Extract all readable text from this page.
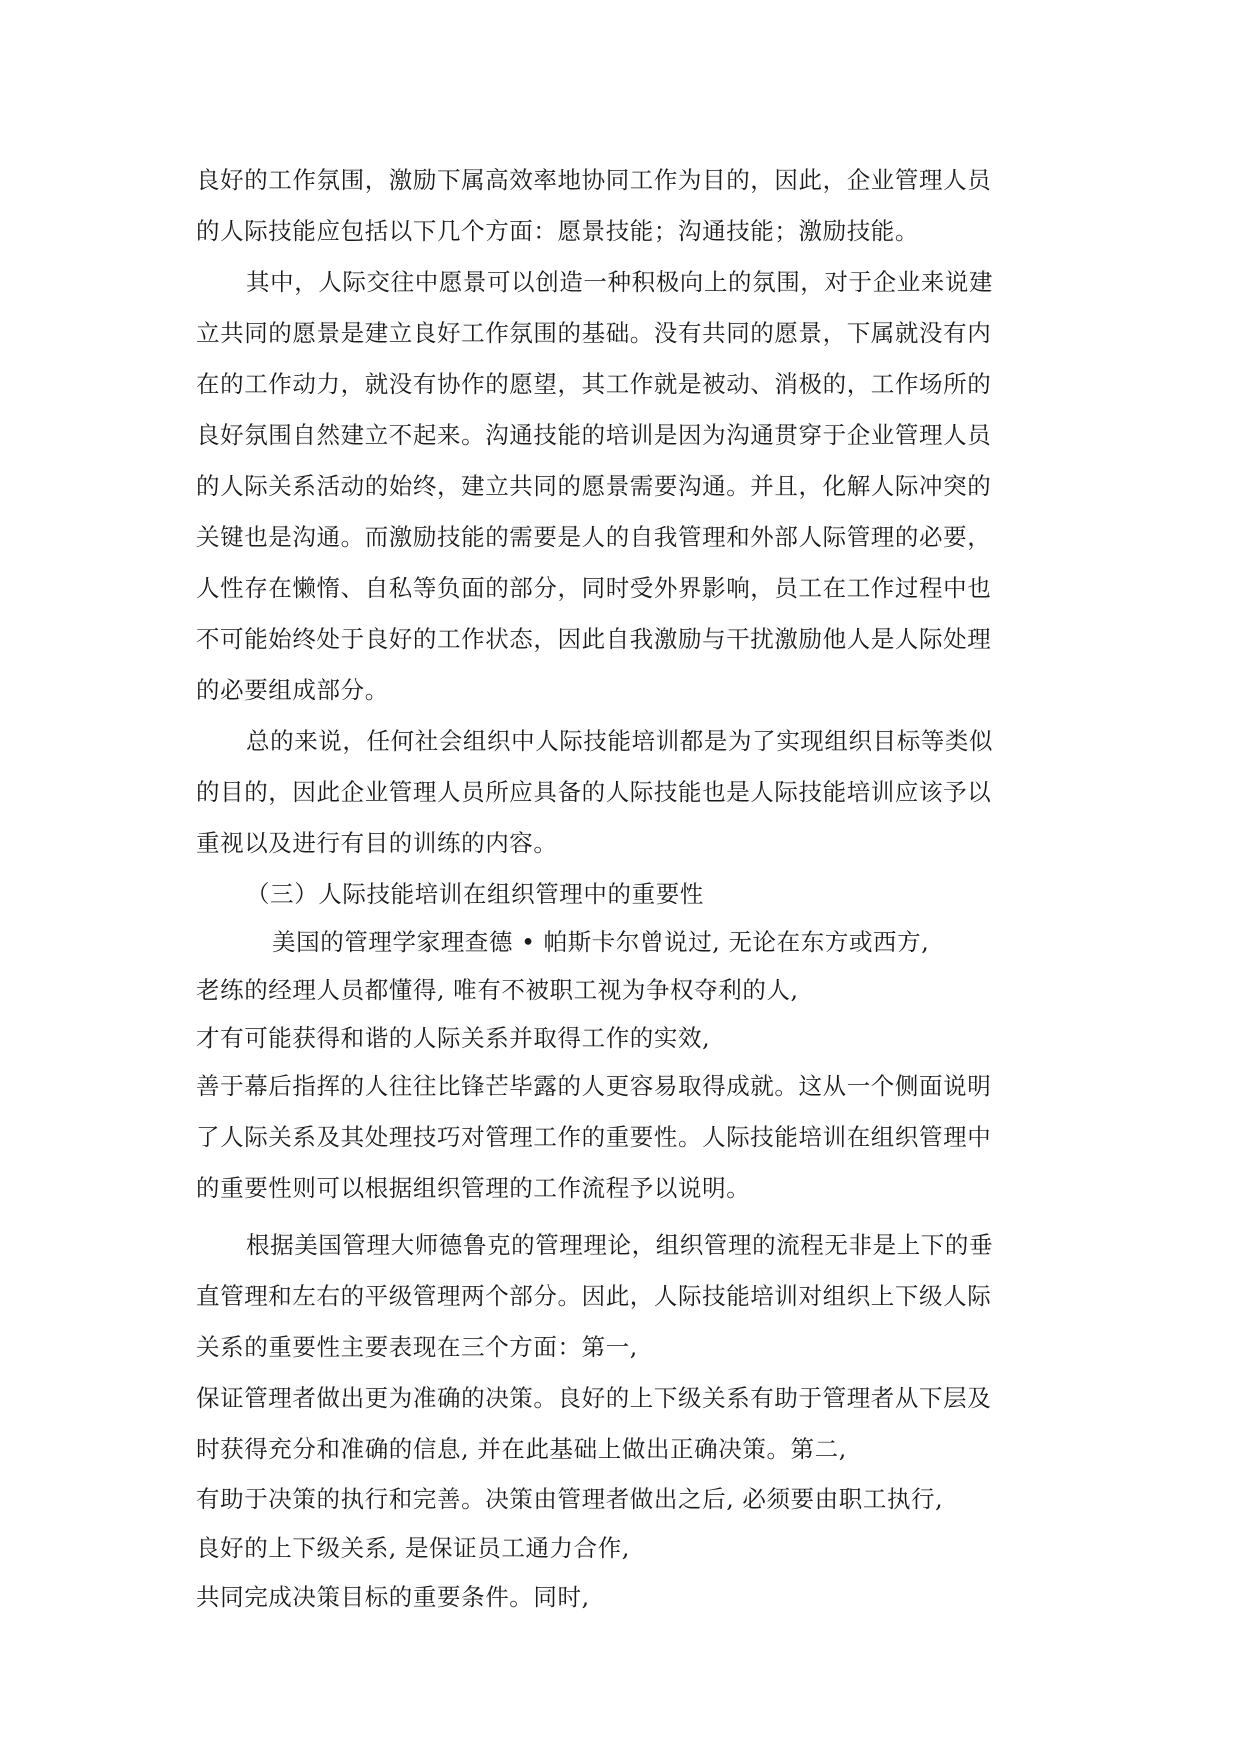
良好的工作氛围，激励下属高效率地协同工作为目的，因此，企业管理人员
的人际技能应包括以下几个方面：愿景技能；沟通技能；激励技能。
其中，人际交往中愿景可以创造一种积极向上的氛围，对于企业来说建
立共同的愿景是建立良好工作氛围的基础。没有共同的愿景，下属就没有内
在的工作动力，就没有协作的愿望，其工作就是被动、消极的，工作场所的
良好氛围自然建立不起来。沟通技能的培训是因为沟通贯穿于企业管理人员
的人际关系活动的始终，建立共同的愿景需要沟通。并且，化解人际冲突的
关键也是沟通。而激励技能的需要是人的自我管理和外部人际管理的必要，
人性存在懒惰、自私等负面的部分，同时受外界影响，员工在工作过程中也
不可能始终处于良好的工作状态，因此自我激励与干扰激励他人是人际处理
的必要组成部分。
总的来说，任何社会组织中人际技能培训都是为了实现组织目标等类似
的目的，因此企业管理人员所应具备的人际技能也是人际技能培训应该予以
重视以及进行有目的训练的内容。
（三）人际技能培训在组织管理中的重要性
美国的管理学家理查德 • 帕斯卡尔曾说过, 无论在东方或西方,
老练的经理人员都懂得, 唯有不被职工视为争权夺利的人,
才有可能获得和谐的人际关系并取得工作的实效,
善于幕后指挥的人往往比锋芒毕露的人更容易取得成就。这从一个侧面说明
了人际关系及其处理技巧对管理工作的重要性。人际技能培训在组织管理中
的重要性则可以根据组织管理的工作流程予以说明。
根据美国管理大师德鲁克的管理理论，组织管理的流程无非是上下的垂
直管理和左右的平级管理两个部分。因此，人际技能培训对组织上下级人际
关系的重要性主要表现在三个方面：第一,
保证管理者做出更为准确的决策。良好的上下级关系有助于管理者从下层及
时获得充分和准确的信息, 并在此基础上做出正确决策。第二,
有助于决策的执行和完善。决策由管理者做出之后, 必须要由职工执行,
良好的上下级关系, 是保证员工通力合作,
共同完成决策目标的重要条件。同时,
